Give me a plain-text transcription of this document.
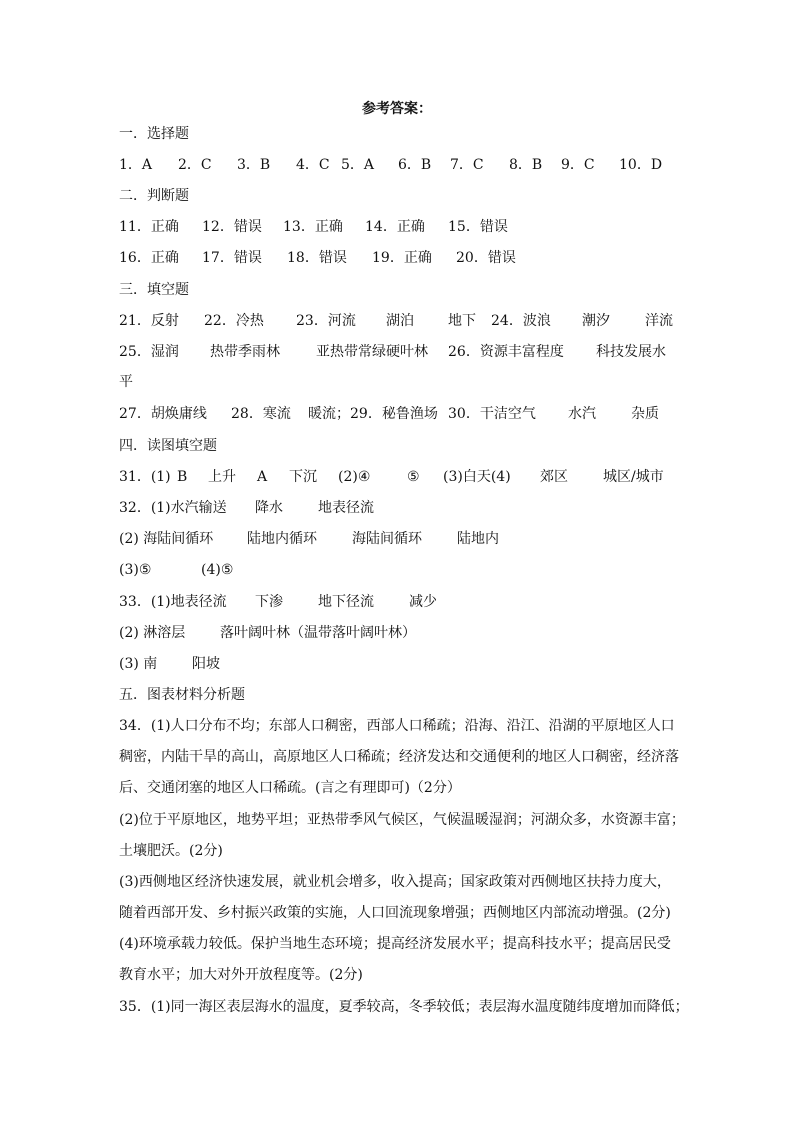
参考答案：
一．选择题
1．A 2．C 3．B 4．C 5．A 6．B 7．C 8．B 9．C 10．D
二．判断题
11．正确 12．错误 13．正确 14．正确 15．错误
16．正确 17．错误 18．错误 19．正确 20．错误
三．填空题
21．反射 22．冷热 23．河流 湖泊 地下 24．波浪 潮汐	洋流
25．湿润 热带季雨林	亚热带常绿硬叶林 26．资源丰富程度 科技发展水
平
27．胡焕庸线 28．寒流 暖流；29．秘鲁渔场 30．干洁空气 水汽	杂质
四．读图填空题
31．(1) B 上升 A 下沉 (2)④	⑤ (3)白天(4) 郊区	城区/城市
32．(1)水汽输送 降水	地表径流
(2) 海陆间循环 陆地内循环	海陆间循环	陆地内
(3)⑤	(4)⑤
33．(1)地表径流 下渗	地下径流	减少
(2) 淋溶层 落叶阔叶林（温带落叶阔叶林）
(3) 南 阳坡
五．图表材料分析题
34．(1)人口分布不均；东部人口稠密，西部人口稀疏；沿海、沿江、沿湖的平原地区人口
稠密，内陆干旱的高山，高原地区人口稀疏；经济发达和交通便利的地区人口稠密，经济落
后、交通闭塞的地区人口稀疏。(言之有理即可)（2分）
(2)位于平原地区，地势平坦；亚热带季风气候区，气候温暖湿润；河湖众多，水资源丰富；
土壤肥沃。(2分)
(3)西侧地区经济快速发展，就业机会增多，收入提高；国家政策对西侧地区扶持力度大，
随着西部开发、乡村振兴政策的实施，人口回流现象增强；西侧地区内部流动增强。(2分)
(4)环境承载力较低。保护当地生态环境；提高经济发展水平；提高科技水平；提高居民受
教育水平；加大对外开放程度等。(2分)
35．(1)同一海区表层海水的温度，夏季较高，冬季较低；表层海水温度随纬度增加而降低；
